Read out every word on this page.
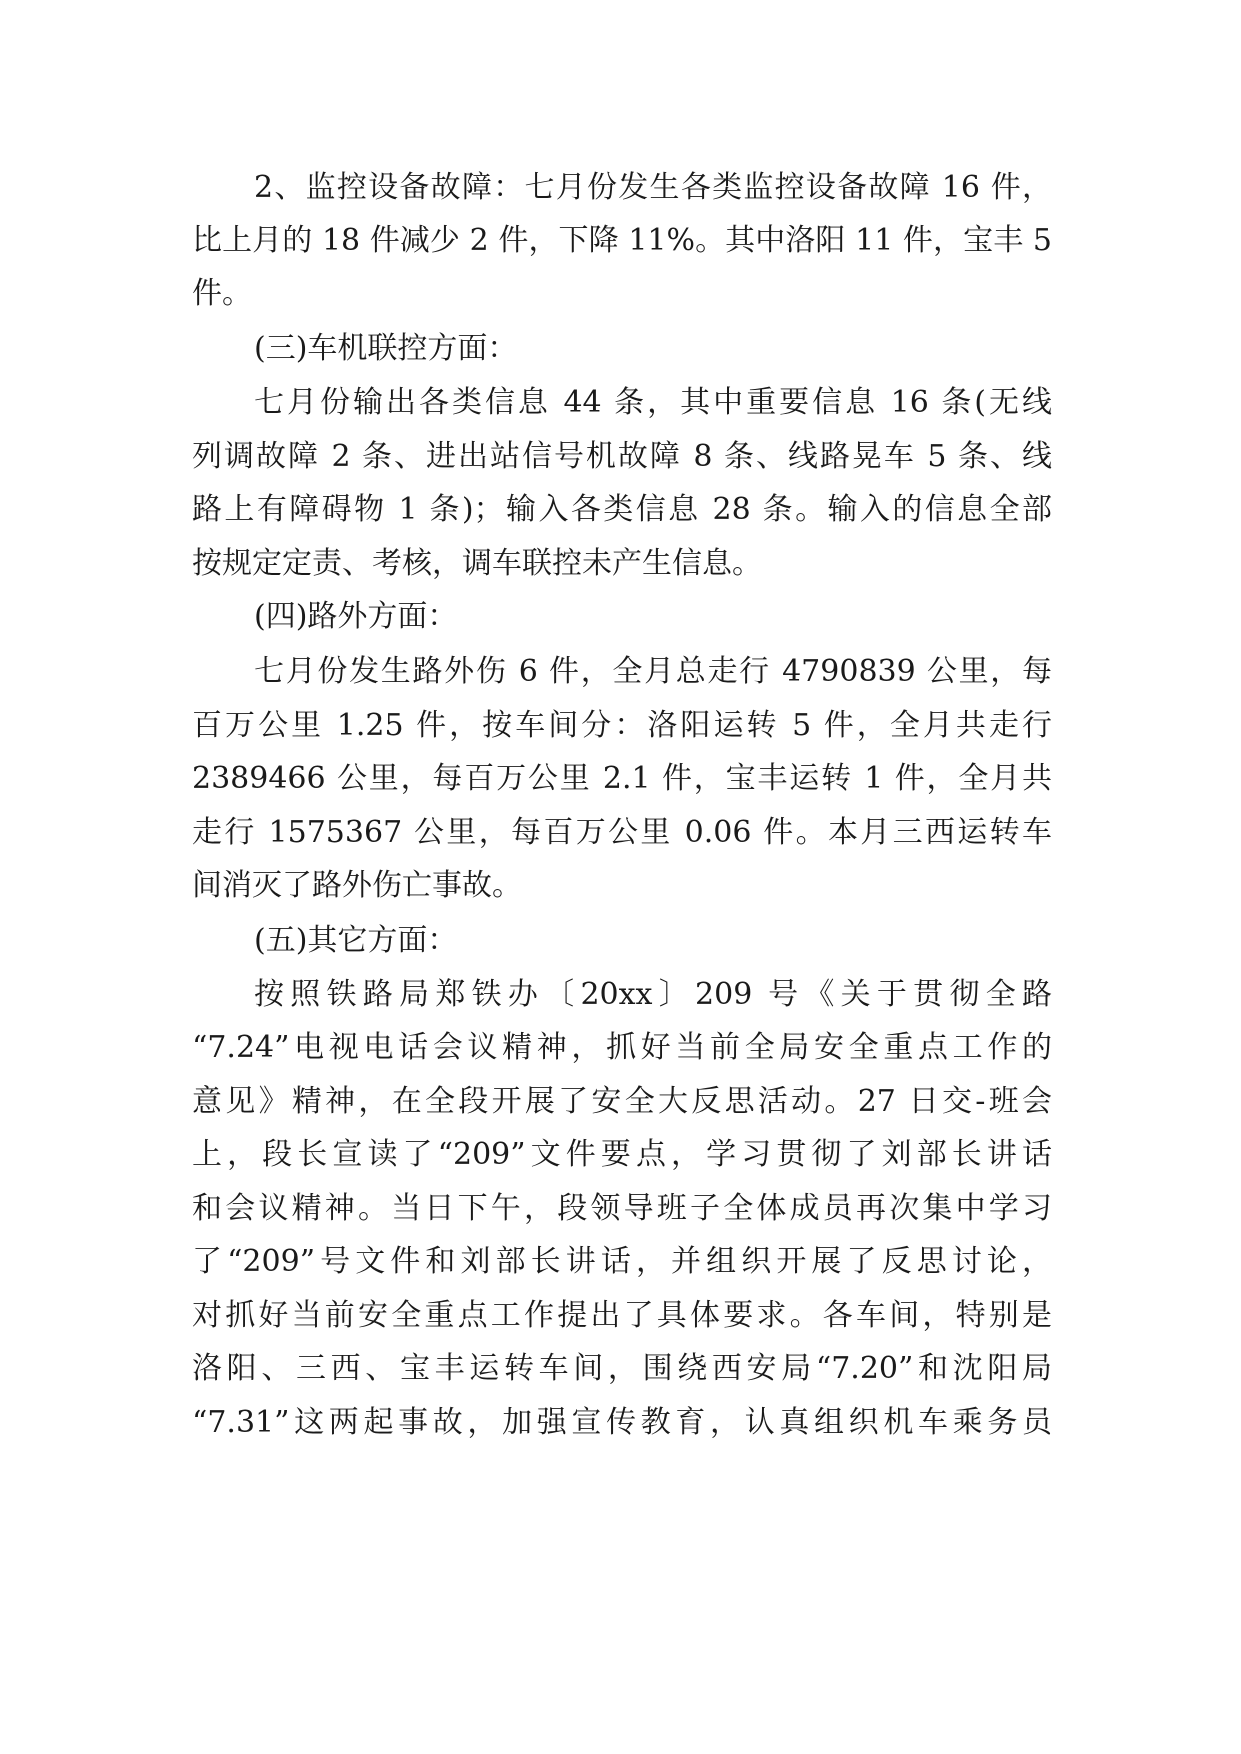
2、监控设备故障：七月份发生各类监控设备故障 16 件，
比上月的 18 件减少 2 件，下降 11%。其中洛阳 11 件，宝丰 5
件。
(三)车机联控方面：
七月份输出各类信息 44 条，其中重要信息 16 条(无线
列调故障 2 条、进出站信号机故障 8 条、线路晃车 5 条、线
路上有障碍物 1 条)；输入各类信息 28 条。输入的信息全部
按规定定责、考核，调车联控未产生信息。
(四)路外方面：
七月份发生路外伤 6 件，全月总走行 4790839 公里，每
百万公里 1.25 件，按车间分：洛阳运转 5 件，全月共走行
2389466 公里，每百万公里 2.1 件，宝丰运转 1 件，全月共
走行 1575367 公里，每百万公里 0.06 件。本月三西运转车
间消灭了路外伤亡事故。
(五)其它方面：
按照铁路局郑铁办〔20xx〕209 号《关于贯彻全路
“7.24”电视电话会议精神，抓好当前全局安全重点工作的
意见》精神，在全段开展了安全大反思活动。27 日交-班会
上，段长宣读了“209”文件要点，学习贯彻了刘部长讲话
和会议精神。当日下午，段领导班子全体成员再次集中学习
了“209”号文件和刘部长讲话，并组织开展了反思讨论，
对抓好当前安全重点工作提出了具体要求。各车间，特别是
洛阳、三西、宝丰运转车间，围绕西安局“7.20”和沈阳局
“7.31”这两起事故，加强宣传教育，认真组织机车乘务员
